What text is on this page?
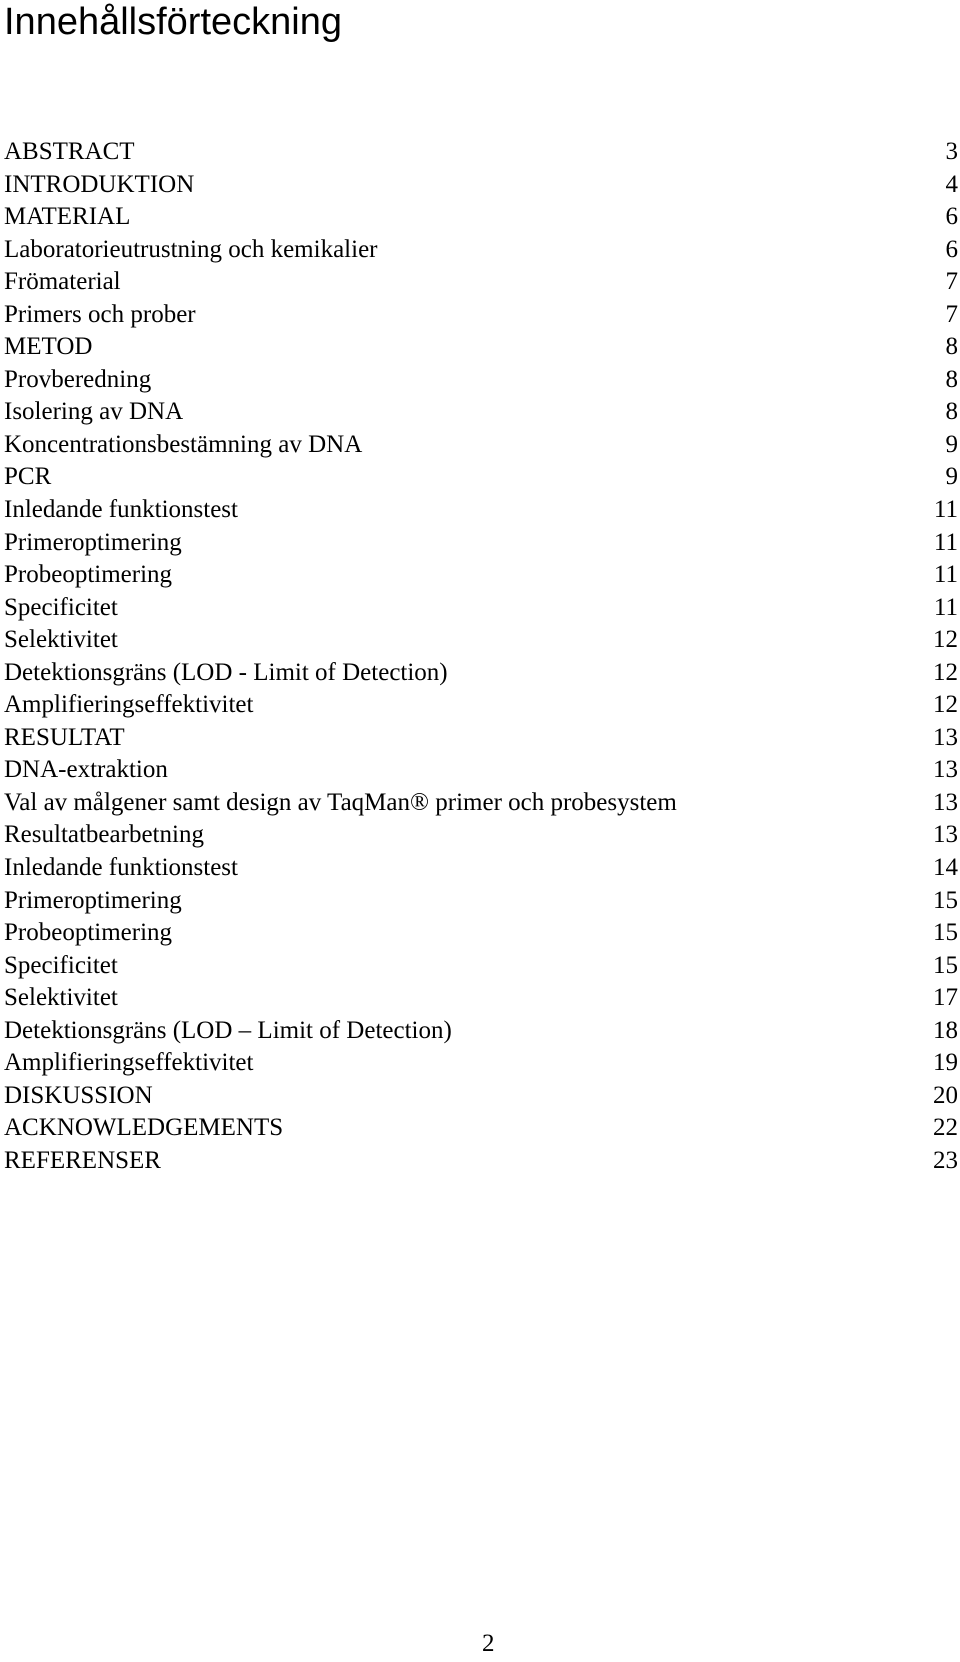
Innehållsförteckning
ABSTRACT	3
INTRODUKTION	4
MATERIAL	6
Laboratorieutrustning och kemikalier	6
Frömaterial	7
Primers och prober	7
METOD	8
Provberedning	8
Isolering av DNA	8
Koncentrationsbestämning av DNA	9
PCR	9
Inledande funktionstest	11
Primeroptimering	11
Probeoptimering	11
Specificitet	11
Selektivitet	12
Detektionsgräns (LOD - Limit of Detection)	12
Amplifieringseffektivitet	12
RESULTAT	13
DNA-extraktion	13
Val av målgener samt design av TaqMan® primer och probesystem	13
Resultatbearbetning	13
Inledande funktionstest	14
Primeroptimering	15
Probeoptimering	15
Specificitet	15
Selektivitet	17
Detektionsgräns (LOD – Limit of Detection)	18
Amplifieringseffektivitet	19
DISKUSSION	20
ACKNOWLEDGEMENTS	22
REFERENSER	23
2
